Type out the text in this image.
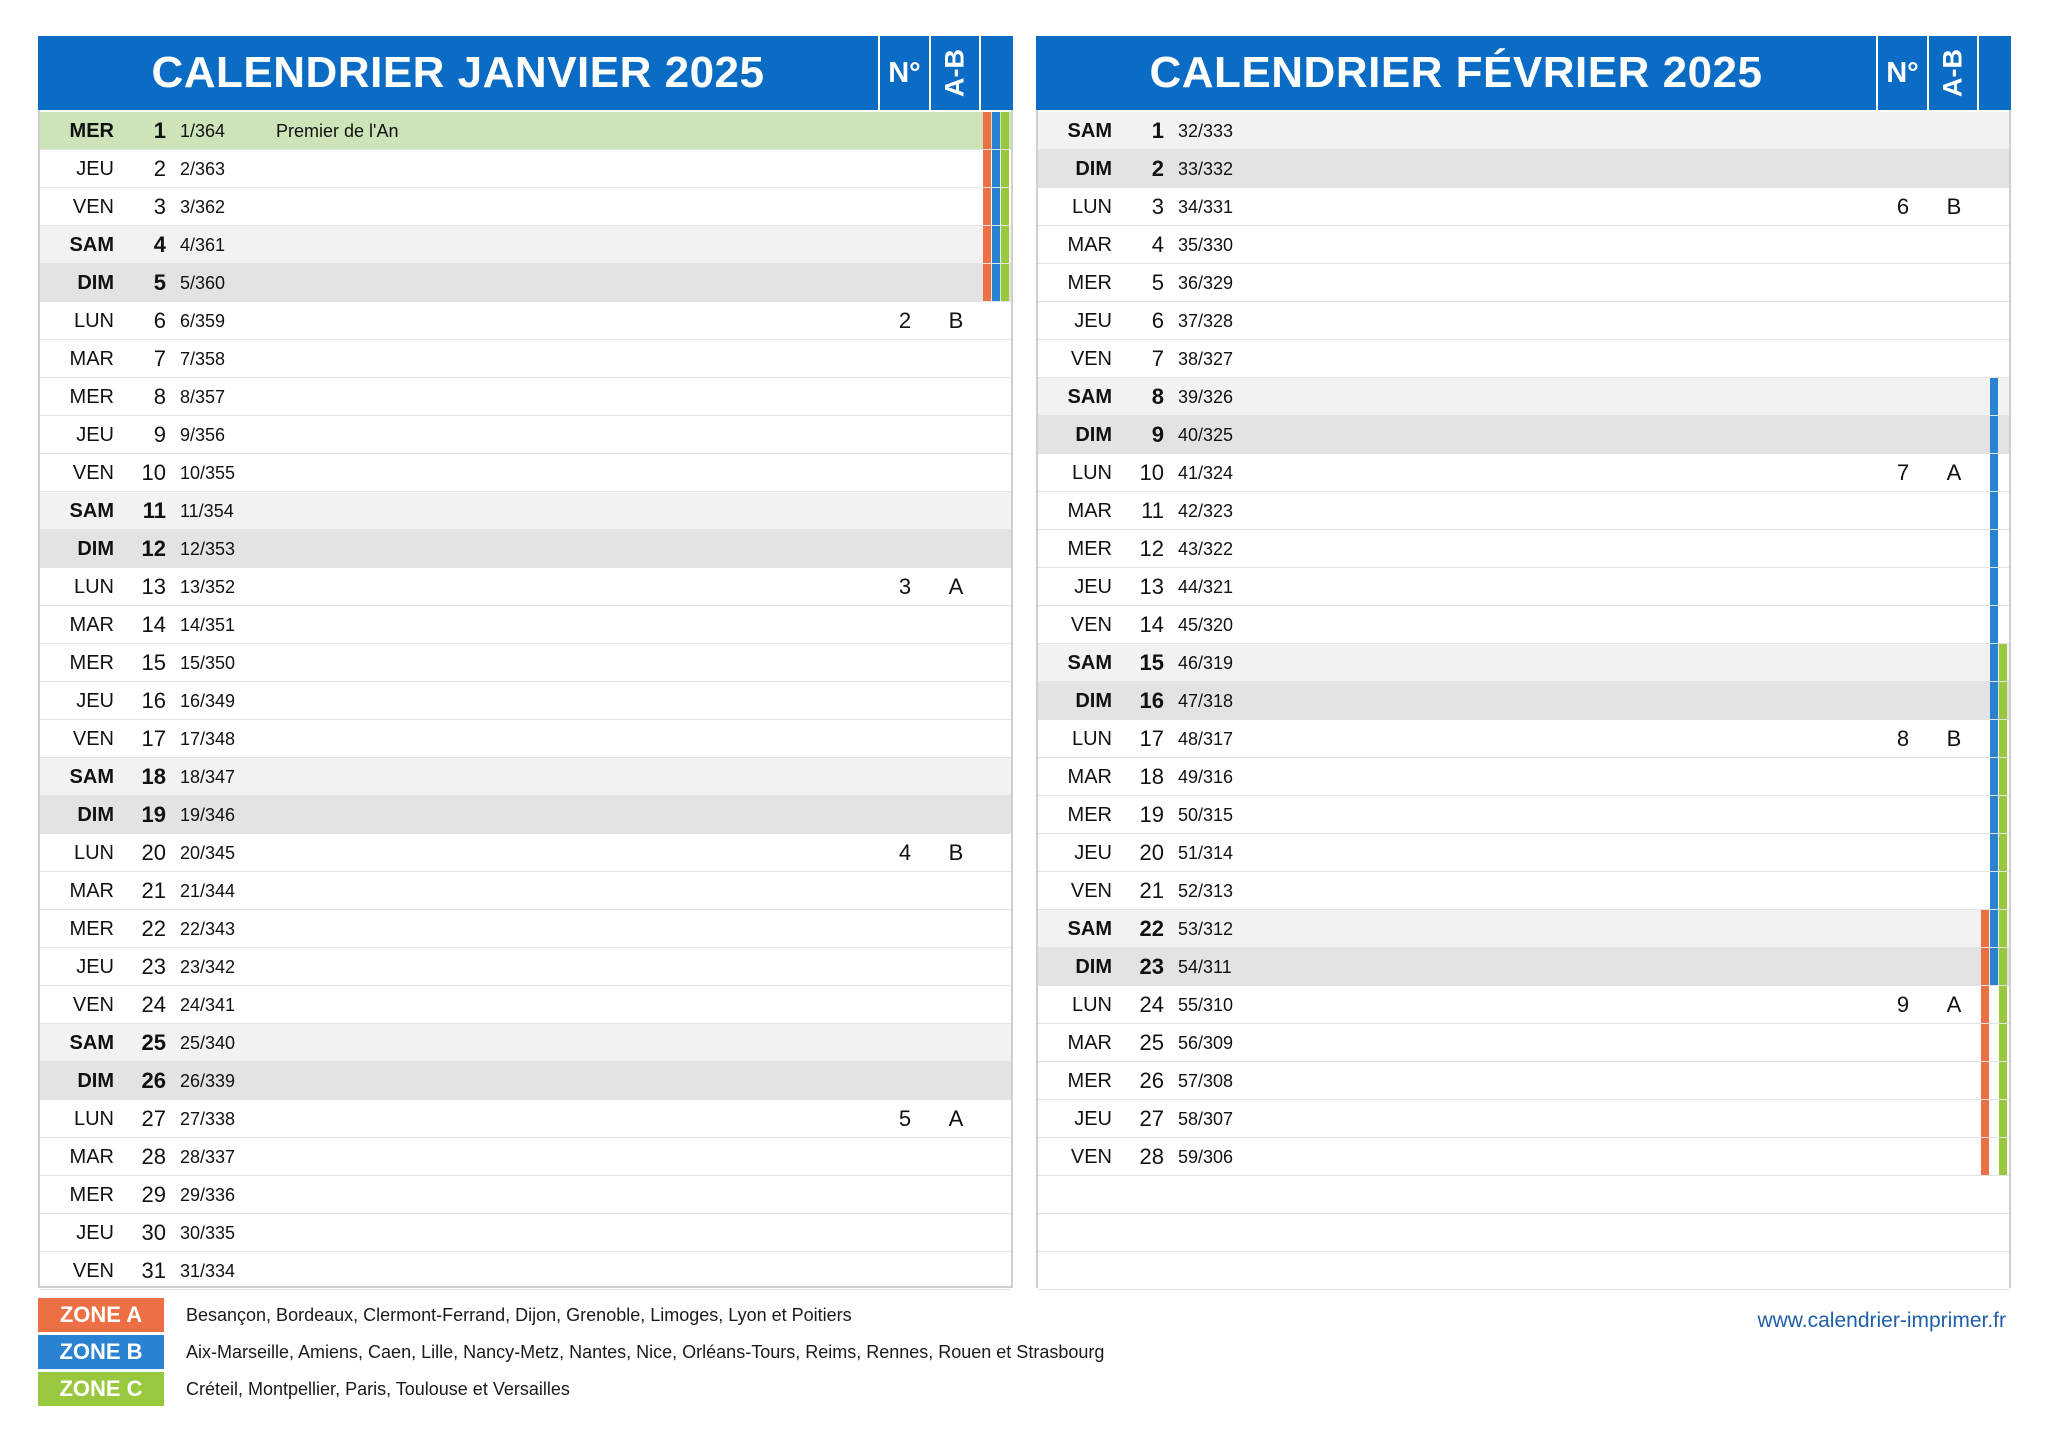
CALENDRIER JANVIER 2025	N° A-B
MER	1 1/364	Premier de l'An
JEU	2 2/363
VEN	3 3/362
SAM	4 4/361
DIM	5 5/360
LUN	6 6/359	2	B
MAR	7 7/358
MER	8 8/357
JEU	9 9/356
VEN	10 10/355
SAM	11 11/354
DIM	12 12/353
LUN	13 13/352	3	A
MAR	14 14/351
MER	15 15/350
JEU	16 16/349
VEN	17 17/348
SAM	18 18/347
DIM	19 19/346
LUN	20 20/345	4	B
MAR	21 21/344
MER	22 22/343
JEU	23 23/342
VEN	24 24/341
SAM	25 25/340
DIM	26 26/339
LUN	27 27/338	5	A
MAR	28 28/337
MER	29 29/336
JEU	30 30/335
VEN	31 31/334
CALENDRIER FÉVRIER 2025	N° A-B
SAM	1 32/333
DIM	2 33/332
LUN	3 34/331	6	B
MAR	4 35/330
MER	5 36/329
JEU	6 37/328
VEN	7 38/327
SAM	8 39/326
DIM	9 40/325
LUN	10 41/324	7	A
MAR	11 42/323
MER	12 43/322
JEU	13 44/321
VEN	14 45/320
SAM	15 46/319
DIM	16 47/318
LUN	17 48/317	8	B
MAR	18 49/316
MER	19 50/315
JEU	20 51/314
VEN	21 52/313
SAM	22 53/312
DIM	23 54/311
LUN	24 55/310	9	A
MAR	25 56/309
MER	26 57/308
JEU	27 58/307
VEN	28 59/306
ZONE A	Besançon, Bordeaux, Clermont-Ferrand, Dijon, Grenoble, Limoges, Lyon et Poitiers
ZONE B	Aix-Marseille, Amiens, Caen, Lille, Nancy-Metz, Nantes, Nice, Orléans-Tours, Reims, Rennes, Rouen et Strasbourg
ZONE C	Créteil, Montpellier, Paris, Toulouse et Versailles
www.calendrier-imprimer.fr
